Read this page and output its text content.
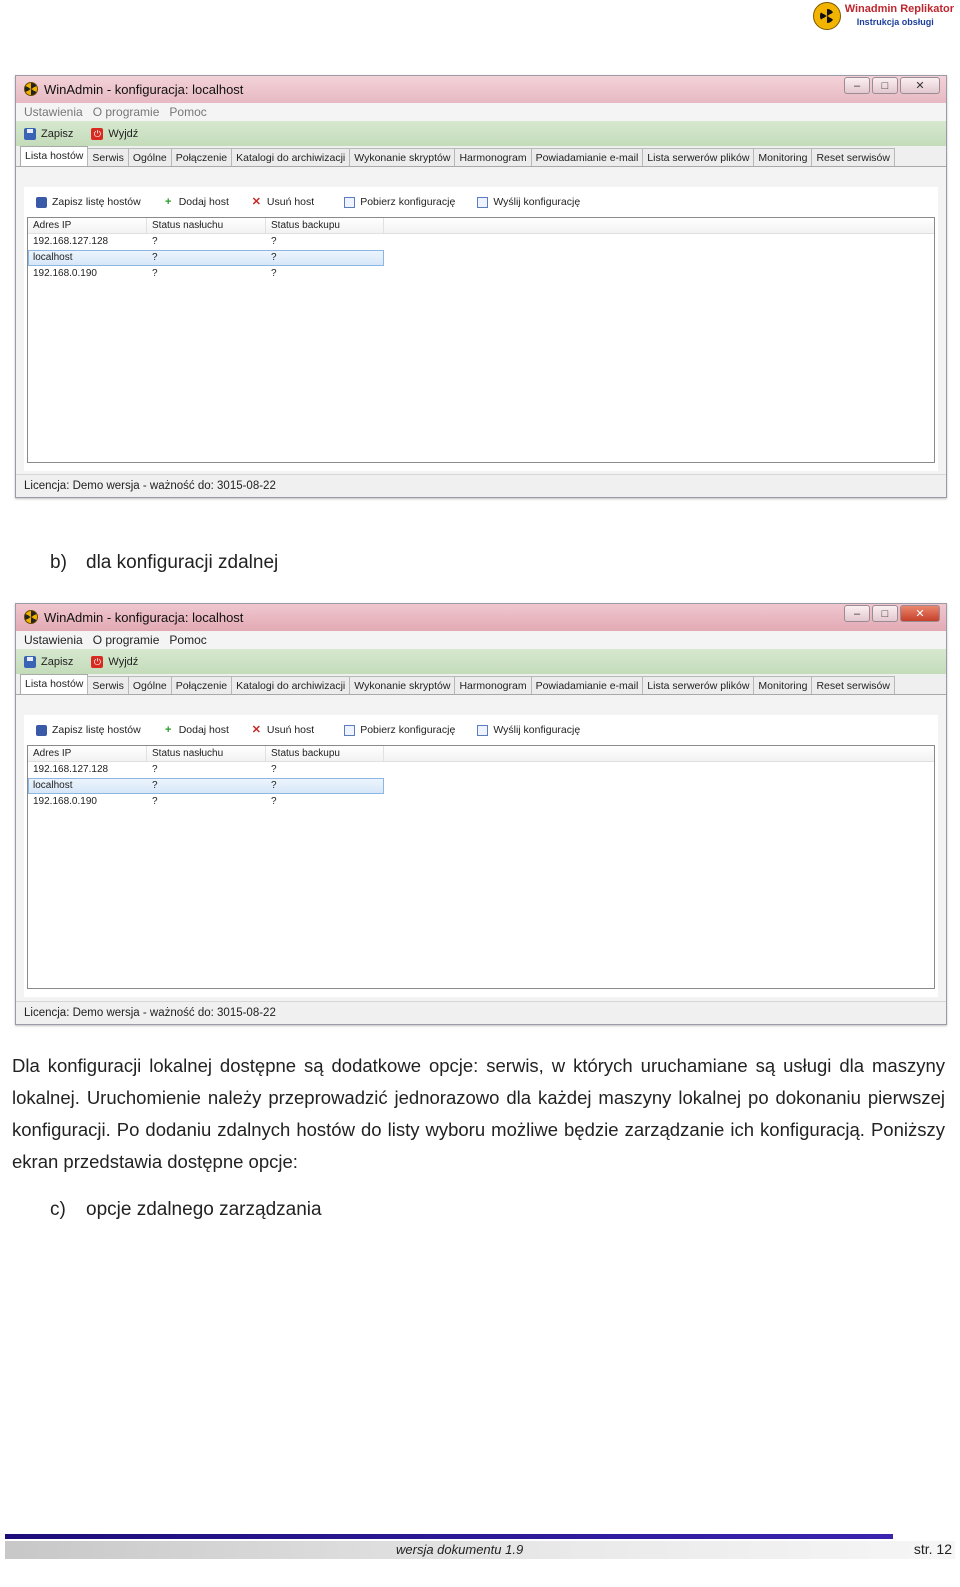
Winadmin Replikator
Instrukcja obsługi
WinAdmin - konfiguracja: localhost	–	□	✕
Ustawienia O programie Pomoc
Zapisz ⏻ Wyjdź
Lista hostów Serwis Ogólne Połączenie Katalogi do archiwizacji Wykonanie skryptów Harmonogram Powiadamianie e-mail Lista serwerów plików Monitoring Reset serwisów
Zapisz listę hostów + Dodaj host ✕ Usuń host	Pobierz konfigurację	Wyślij konfigurację
Adres IP	Status nasłuchu	Status backupu
192.168.127.128	?	?
localhost	?	?
192.168.0.190	?	?
Licencja: Demo wersja - ważność do: 3015-08-22
b) dla konfiguracji zdalnej
WinAdmin - konfiguracja: localhost	–	□	✕
Ustawienia O programie Pomoc
Zapisz ⏻ Wyjdź
Lista hostów Serwis Ogólne Połączenie Katalogi do archiwizacji Wykonanie skryptów Harmonogram Powiadamianie e-mail Lista serwerów plików Monitoring Reset serwisów
Zapisz listę hostów + Dodaj host ✕ Usuń host	Pobierz konfigurację	Wyślij konfigurację
Adres IP	Status nasłuchu	Status backupu
192.168.127.128	?	?
localhost	?	?
192.168.0.190	?	?
Licencja: Demo wersja - ważność do: 3015-08-22
Dla konfiguracji lokalnej dostępne są dodatkowe opcje: serwis, w których uruchamiane są usługi dla maszyny lokalnej. Uruchomienie należy przeprowadzić jednorazowo dla każdej maszyny lokalnej po dokonaniu pierwszej konfiguracji. Po dodaniu zdalnych hostów do listy wyboru możliwe będzie zarządzanie ich konfiguracją. Poniższy ekran przedstawia dostępne opcje:
c) opcje zdalnego zarządzania
wersja dokumentu 1.9	str. 12
